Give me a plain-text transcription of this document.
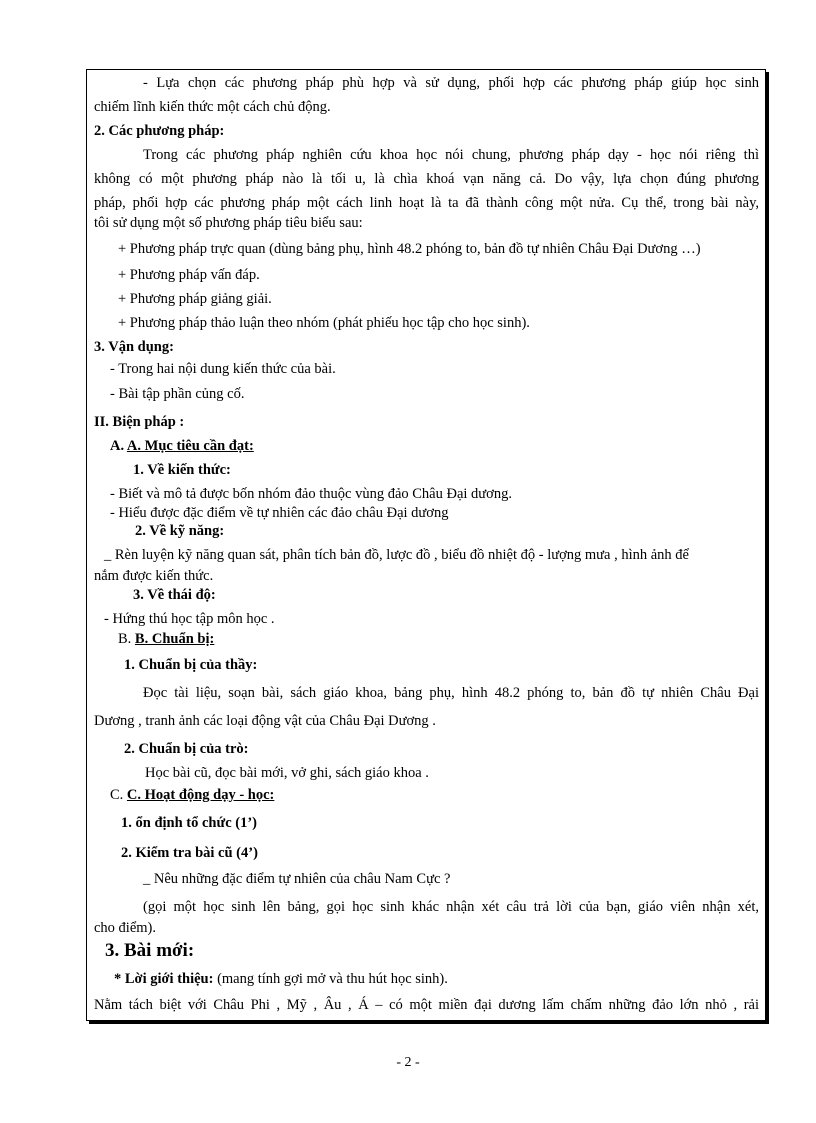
- Lựa chọn các phương pháp phù hợp và sử dụng, phối hợp các phương pháp giúp học sinh
chiếm lĩnh kiến thức một cách chủ động.
2. Các phương pháp:
Trong các phương pháp nghiên cứu khoa học nói chung, phương pháp dạy - học nói riêng thì
không có một phương pháp nào là tối u, là chìa khoá vạn năng cả. Do vậy, lựa chọn đúng phương
pháp, phối hợp các phương pháp một cách linh hoạt là ta đã thành công một nửa. Cụ thể, trong bài này,
tôi sử dụng một số phương pháp tiêu biểu sau:
+ Phương pháp trực quan (dùng bảng phụ, hình 48.2 phóng to, bản đồ tự nhiên Châu Đại Dương …)
+ Phương pháp vấn đáp.
+ Phương pháp giảng giải.
+ Phương pháp thảo luận theo nhóm (phát phiếu học tập cho học sinh).
3. Vận dụng:
- Trong hai nội dung kiến thức của bài.
- Bài tập phần củng cố.
II. Biện pháp :
A. A. Mục tiêu cần đạt:
1. Về kiến thức:
- Biết và mô tả được bốn nhóm đảo thuộc vùng đảo Châu Đại dương.
- Hiểu được đặc điểm về tự nhiên các đảo châu Đại dương
2. Về kỹ năng:
_ Rèn luyện kỹ năng quan sát, phân tích bản đồ, lược đồ , biểu đồ nhiệt độ - lượng mưa , hình ảnh để
nắm được kiến thức.
3. Về thái độ:
- Hứng thú học tập môn học .
B. B. Chuẩn bị:
1. Chuẩn bị của thầy:
Đọc tài liệu, soạn bài, sách giáo khoa, bảng phụ, hình 48.2 phóng to, bản đồ tự nhiên Châu Đại
Dương , tranh ảnh các loại động vật của Châu Đại Dương .
2. Chuẩn bị của trò:
Học bài cũ, đọc bài mới, vở ghi, sách giáo khoa .
C. C. Hoạt động dạy - học:
1. ổn định tổ chức (1’)
2. Kiểm tra bài cũ (4’)
_ Nêu những đặc điểm tự nhiên của châu Nam Cực ?
(gọi một học sinh lên bảng, gọi học sinh khác nhận xét câu trả lời của bạn, giáo viên nhận xét,
cho điểm).
3. Bài mới:
* Lời giới thiệu: (mang tính gợi mở và thu hút học sinh).
Nằm tách biệt với Châu Phi , Mỹ , Âu , Á – có một miền đại dương lấm chấm những đảo lớn nhỏ , rải
- 2 -
